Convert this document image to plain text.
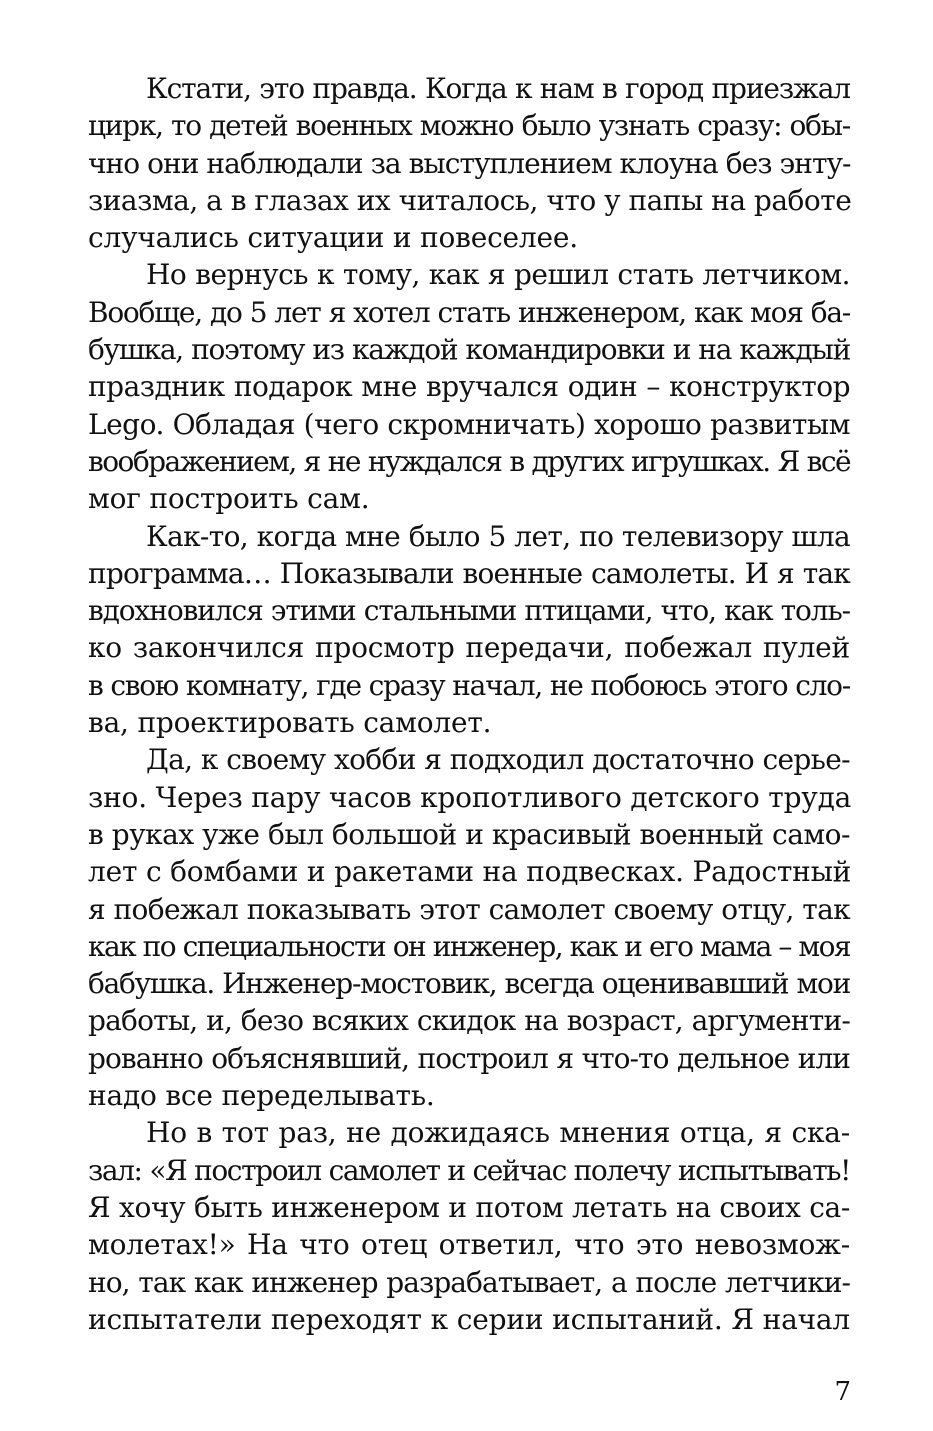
Кстати, это правда. Когда к нам в город приезжал
цирк, то детей военных можно было узнать сразу: обы-
чно они наблюдали за выступлением клоуна без энту-
зиазма, а в глазах их читалось, что у папы на работе
случались ситуации и повеселее.
Но вернусь к тому, как я решил стать летчиком.
Вообще, до 5 лет я хотел стать инженером, как моя ба-
бушка, поэтому из каждой командировки и на каждый
праздник подарок мне вручался один – конструктор
Lego. Обладая (чего скромничать) хорошо развитым
воображением, я не нуждался в других игрушках. Я всё
мог построить сам.
Как-то, когда мне было 5 лет, по телевизору шла
программа… Показывали военные самолеты. И я так
вдохновился этими стальными птицами, что, как толь-
ко закончился просмотр передачи, побежал пулей
в свою комнату, где сразу начал, не побоюсь этого сло-
ва, проектировать самолет.
Да, к своему хобби я подходил достаточно серье-
зно. Через пару часов кропотливого детского труда
в руках уже был большой и красивый военный само-
лет с бомбами и ракетами на подвесках. Радостный
я побежал показывать этот самолет своему отцу, так
как по специальности он инженер, как и его мама – моя
бабушка. Инженер-мостовик, всегда оценивавший мои
работы, и, безо всяких скидок на возраст, аргументи-
рованно объяснявший, построил я что-то дельное или
надо все переделывать.
Но в тот раз, не дожидаясь мнения отца, я ска-
зал: «Я построил самолет и сейчас полечу испытывать!
Я хочу быть инженером и потом летать на своих са-
молетах!» На что отец ответил, что это невозмож-
но, так как инженер разрабатывает, а после летчики-
испытатели переходят к серии испытаний. Я начал
7
